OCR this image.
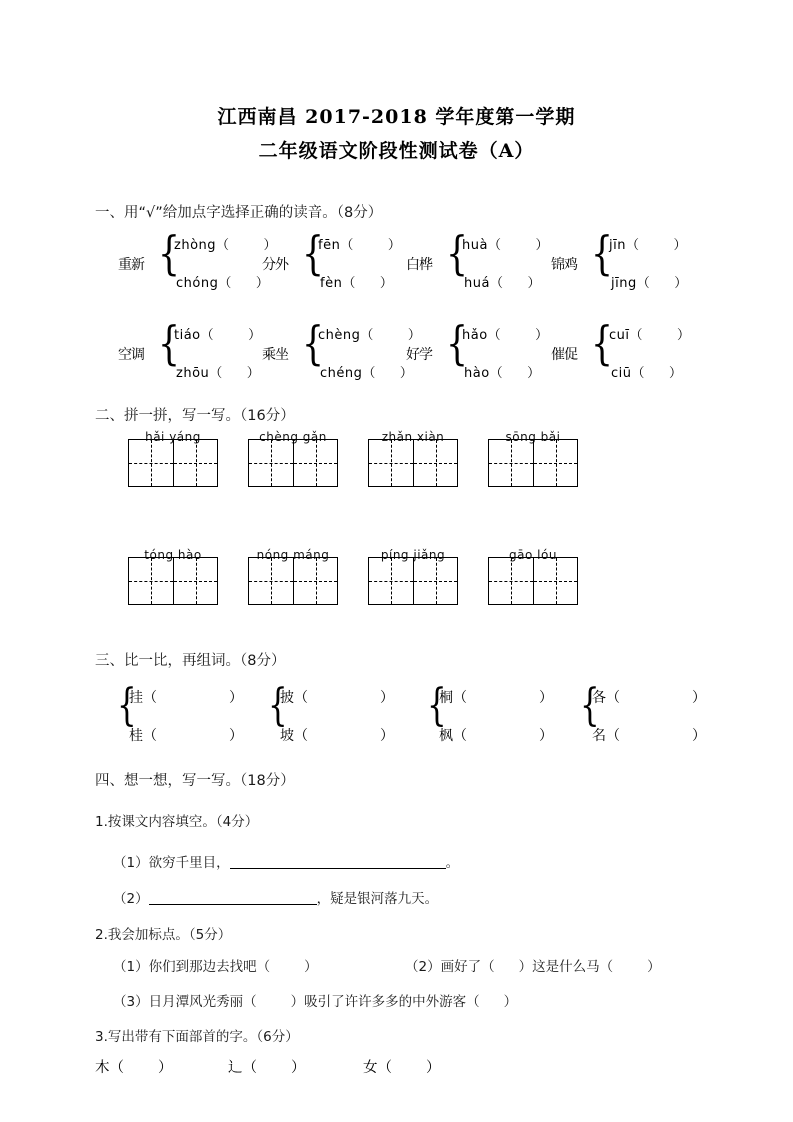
江西南昌 2017-2018 学年度第一学期
二年级语文阶段性测试卷（A）
一、用“√”给加点字选择正确的读音。（8分）
重新 {
zhòng（	）
chóng（ ）
分外 {
fēn（	）
fèn（ ）
白桦 {
huà（	）
huá（ ）
锦鸡 {
jīn（	）
jīng（ ）
空调 {
tiáo（	）
zhōu（ ）
乘坐 {
chèng（	）
chéng（ ）
好学 {
hǎo（	）
hào（ ）
催促 {
cuī（	）
ciū（ ）
二、拼一拼，写一写。（16分）
hǎi yáng	chèng gǎn	zhǎn xiàn	sōng bǎi
tóng hào	nóng máng	píng jiǎng	gāo lóu
三、比一比，再组词。（8分）
{
挂（	）
桂（	）
{
披（	）
坡（	）
{
桐（	）
枫（	）
{
各（	）
名（	）
四、想一想，写一写。（18分）
1.按课文内容填空。（4分）
（1）欲穷千里目，	。
（2）	，疑是银河落九天。
2.我会加标点。（5分）
（1）你们到那边去找吧（	）	（2）画好了（ ）这是什么马（	）
（3）日月潭风光秀丽（	）吸引了许许多多的中外游客（ ）
3.写出带有下面部首的字。（6分）
木（ ）	辶（ ）	女（ ）
